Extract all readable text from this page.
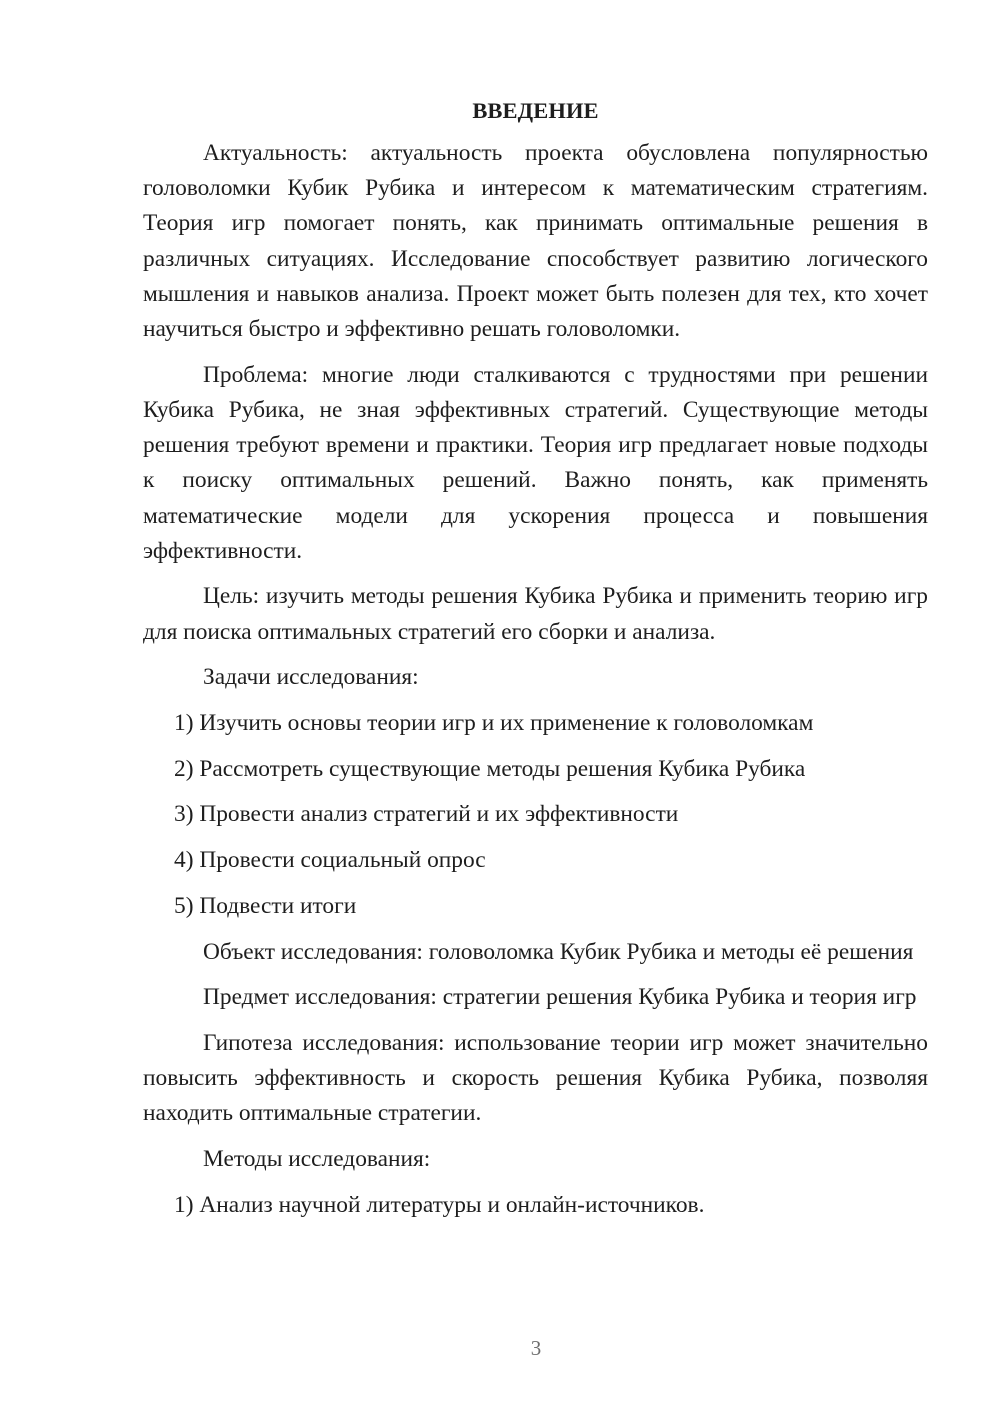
ВВЕДЕНИЕ
Актуальность: актуальность проекта обусловлена популярностью головоломки Кубик Рубика и интересом к математическим стратегиям. Теория игр помогает понять, как принимать оптимальные решения в различных ситуациях. Исследование способствует развитию логического мышления и навыков анализа. Проект может быть полезен для тех, кто хочет научиться быстро и эффективно решать головоломки.
Проблема: многие люди сталкиваются с трудностями при решении Кубика Рубика, не зная эффективных стратегий. Существующие методы решения требуют времени и практики. Теория игр предлагает новые подходы к поиску оптимальных решений. Важно понять, как применять математические модели для ускорения процесса и повышения эффективности.
Цель: изучить методы решения Кубика Рубика и применить теорию игр для поиска оптимальных стратегий его сборки и анализа.
Задачи исследования:
1) Изучить основы теории игр и их применение к головоломкам
2) Рассмотреть существующие методы решения Кубика Рубика
3) Провести анализ стратегий и их эффективности
4) Провести социальный опрос
5) Подвести итоги
Объект исследования: головоломка Кубик Рубика и методы её решения
Предмет исследования: стратегии решения Кубика Рубика и теория игр
Гипотеза исследования: использование теории игр может значительно повысить эффективность и скорость решения Кубика Рубика, позволяя находить оптимальные стратегии.
Методы исследования:
1) Анализ научной литературы и онлайн-источников.
3
